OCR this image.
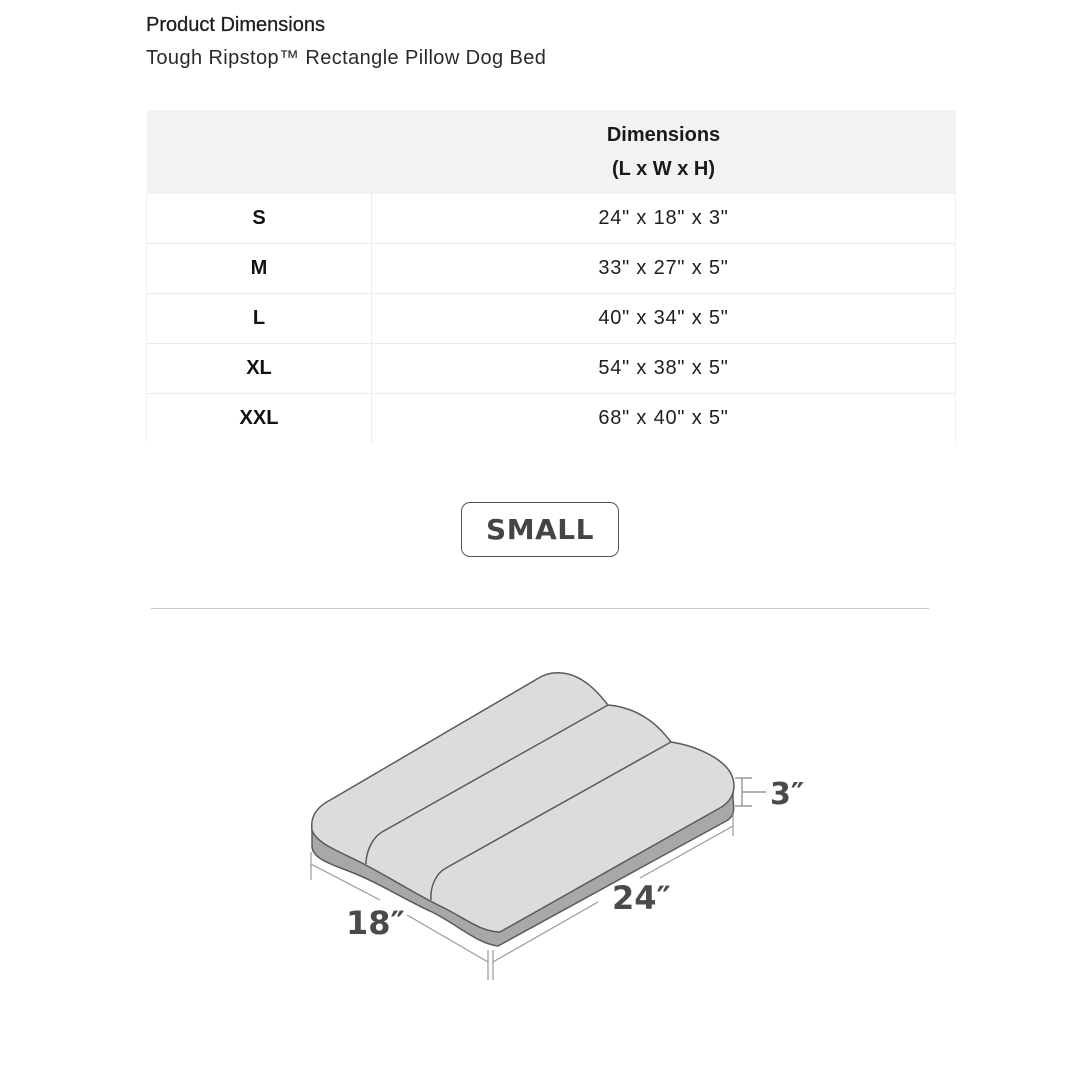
Product Dimensions
Tough Ripstop™ Rectangle Pillow Dog Bed

	Dimensions
(L x W x H)

S	24" x 18" x 3"
M	33" x 27" x 5"
L	40" x 34" x 5"
XL	54" x 38" x 5"
XXL	68" x 40" x 5"
SMALL
3″
24″
18″
